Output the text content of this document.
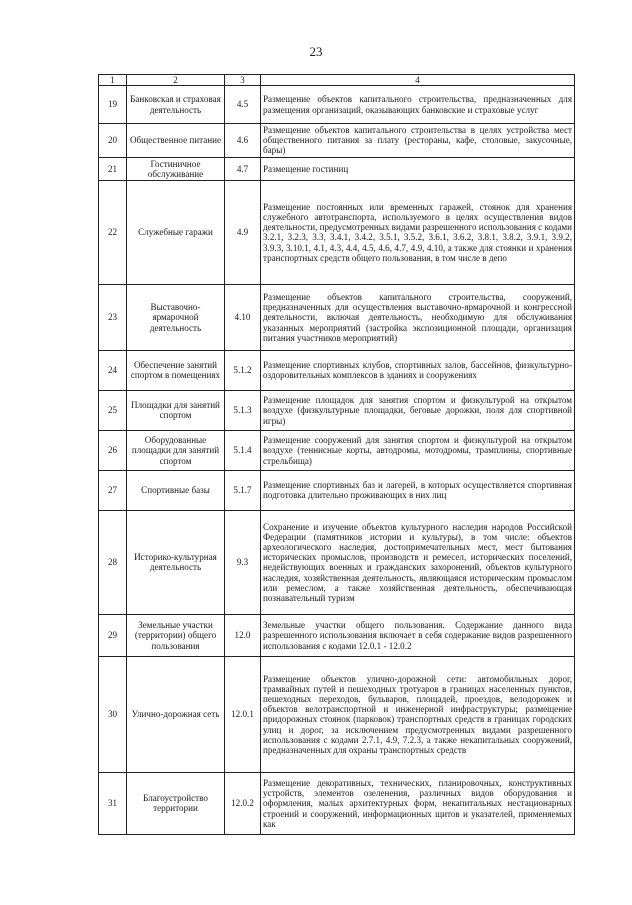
23
1	2	3	4
19	Банковская и страховая деятельность	4.5	Размещение объектов капитального строительства, предназначенных для размещения организаций, оказывающих банковские и страховые услуг
20	Общественное питание	4.6	Размещение объектов капитального строительства в целях устройства мест общественного питания за плату (рестораны, кафе, столовые, закусочные, бары)
21	Гостиничное обслуживание	4.7	Размещение гостиниц
22	Служебные гаражи	4.9	Размещение постоянных или временных гаражей, стоянок для хранения служебного автотранспорта, используемого в целях осуществления видов деятельности, предусмотренных видами разрешенного использования с кодами 3.2.1, 3.2.3, 3.3, 3.4.1, 3.4.2, 3.5.1, 3.5.2, 3.6.1, 3.6.2, 3.8.1, 3.8.2, 3.9.1, 3.9.2, 3.9.3, 3.10.1, 4.1, 4.3, 4.4, 4.5, 4.6, 4.7, 4.9, 4.10, а также для стоянки и хранения транспортных средств общего пользования, в том числе в депо
23	Выставочно-ярмарочной деятельность	4.10	Размещение объектов капитального строительства, сооружений, предназначенных для осуществления выставочно-ярмарочной и конгрессной деятельности, включая деятельность, необходимую для обслуживания указанных мероприятий (застройка экспозиционной площади, организация питания участников мероприятий)
24	Обеспечение занятий спортом в помещениях	5.1.2	Размещение спортивных клубов, спортивных залов, бассейнов, физкультурно-оздоровительных комплексов в зданиях и сооружениях
25	Площадки для занятий спортом	5.1.3	Размещение площадок для занятия спортом и физкультурой на открытом воздухе (физкультурные площадки, беговые дорожки, поля для спортивной игры)
26	Оборудованные площадки для занятий спортом	5.1.4	Размещение сооружений для занятия спортом и физкультурой на открытом воздухе (теннисные корты, автодромы, мотодромы, трамплины, спортивные стрельбища)
27	Спортивные базы	5.1.7	Размещение спортивных баз и лагерей, в которых осуществляется спортивная подготовка длительно проживающих в них лиц
28	Историко-культурная деятельность	9.3	Сохранение и изучение объектов культурного наследия народов Российской Федерации (памятников истории и культуры), в том числе: объектов археологического наследия, достопримечательных мест, мест бытования исторических промыслов, производств и ремесел, исторических поселений, недействующих военных и гражданских захоронений, объектов культурного наследия, хозяйственная деятельность, являющаяся историческим промыслом или ремеслом, а также хозяйственная деятельность, обеспечивающая познавательный туризм
29	Земельные участки (территории) общего пользования	12.0	Земельные участки общего пользования. Содержание данного вида разрешенного использования включает в себя содержание видов разрешенного использования с кодами 12.0.1 - 12.0.2
30	Улично-дорожная сеть	12.0.1	Размещение объектов улично-дорожной сети: автомобильных дорог, трамвайных путей и пешеходных тротуаров в границах населенных пунктов, пешеходных переходов, бульваров, площадей, проездов, велодорожек и объектов велотранспортной и инженерной инфраструктуры; размещение придорожных стоянок (парковок) транспортных средств в границах городских улиц и дорог, за исключением предусмотренных видами разрешенного использования с кодами 2.7.1, 4.9, 7.2.3, а также некапитальных сооружений, предназначенных для охраны транспортных средств
31	Благоустройство территории	12.0.2	Размещение декоративных, технических, планировочных, конструктивных устройств, элементов озеленения, различных видов оборудования и оформления, малых архитектурных форм, некапитальных нестационарных строений и сооружений, информационных щитов и указателей, применяемых как
